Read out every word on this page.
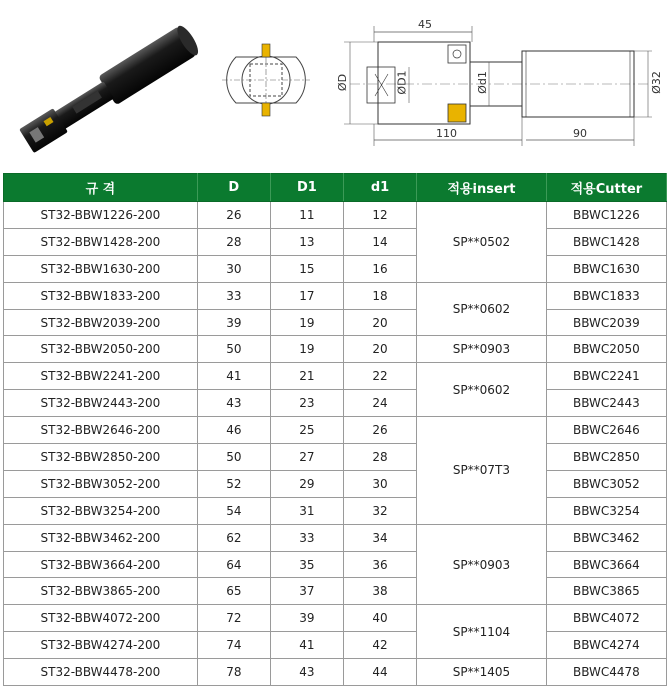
45
110	90
ØD	ØD1	Ød1	Ø32
규 격	D	D1	d1	적용insert	적용Cutter
ST32-BBW1226-200	26	11	12	SP**0502	BBWC1226
ST32-BBW1428-200	28	13	14		BBWC1428
ST32-BBW1630-200	30	15	16		BBWC1630
ST32-BBW1833-200	33	17	18	SP**0602	BBWC1833
ST32-BBW2039-200	39	19	20		BBWC2039
ST32-BBW2050-200	50	19	20	SP**0903	BBWC2050
ST32-BBW2241-200	41	21	22	SP**0602	BBWC2241
ST32-BBW2443-200	43	23	24		BBWC2443
ST32-BBW2646-200	46	25	26	SP**07T3	BBWC2646
ST32-BBW2850-200	50	27	28		BBWC2850
ST32-BBW3052-200	52	29	30		BBWC3052
ST32-BBW3254-200	54	31	32		BBWC3254
ST32-BBW3462-200	62	33	34	SP**0903	BBWC3462
ST32-BBW3664-200	64	35	36		BBWC3664
ST32-BBW3865-200	65	37	38		BBWC3865
ST32-BBW4072-200	72	39	40	SP**1104	BBWC4072
ST32-BBW4274-200	74	41	42		BBWC4274
ST32-BBW4478-200	78	43	44	SP**1405	BBWC4478
